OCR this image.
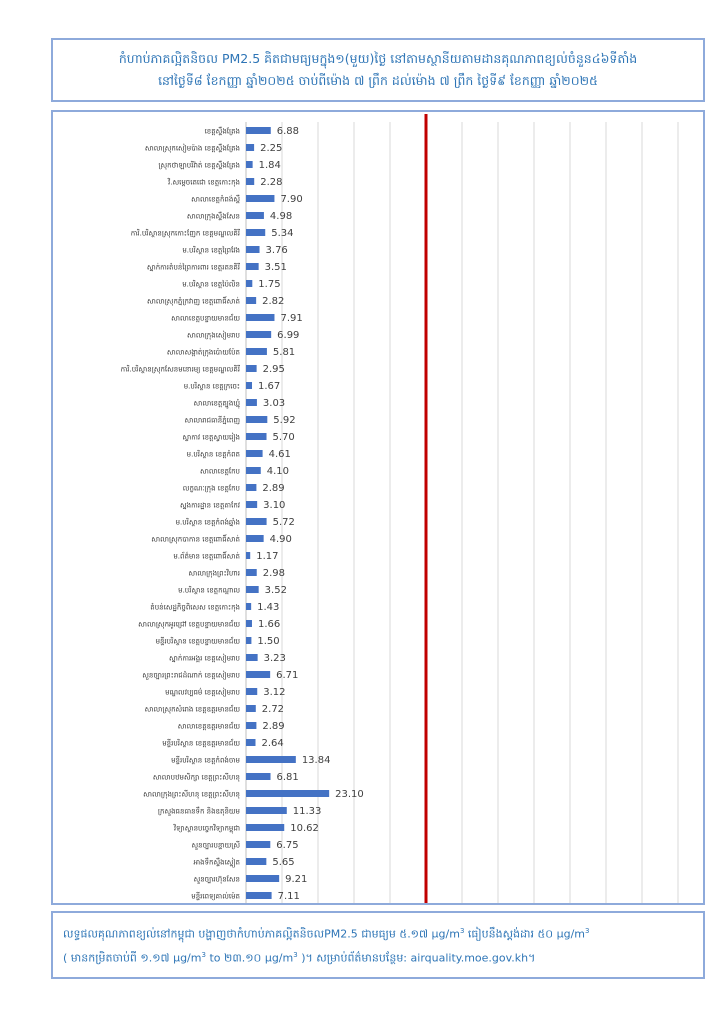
កំហាប់ភាគល្អិតនិចល PM2.5 គិតជាមធ្យមក្នុង១(មួយ)ថ្ងៃ នៅតាមស្ថានីយតាមដានគុណភាពខ្យល់ចំនួន៤៦ទីតាំង
នៅថ្ងៃទី៨ ខែកញ្ញា ឆ្នាំ២០២៥ ចាប់ពីម៉ោង ៧ ព្រឹក ដល់ម៉ោង ៧ ព្រឹក ថ្ងៃទី៩ ខែកញ្ញា ឆ្នាំ២០២៥
ខេត្តស្ទឹងត្រែង	6.88
សាលាស្រុកសៀមប៉ាង ខេត្តស្ទឹងត្រែង 2.25
ស្រុកថាឡាបរិវ៉ាត់ ខេត្តស្ទឹងត្រែង 1.84
វិ.សម្តេចតេជោ ខេត្តកោះកុង 2.28
សាលាខេត្តកំពង់ស្ពឺ	7.90
សាលាក្រុងស្ទឹងសែន	4.98
ការិ.បរិស្ថានស្រុកកោះញែក ខេត្តមណ្ឌលគិរី	5.34
ម.បរិស្ថាន ខេត្តព្រៃវែង	3.76
ស្នាក់ការតំបន់ព្រៃការពារ ខេត្តរតនគិរី 3.51
ម.បរិស្ថាន ខេត្តប៉ៃលិន 1.75
សាលាស្រុកភ្នំក្រវាញ ខេត្តពោធិ៍សាត់ 2.82
សាលាខេត្តបន្ទាយមានជ័យ	7.91
សាលាក្រុងសៀមរាប	6.99
សាលាសង្កាត់ក្រុងប៉ោយប៉ែត	5.81
ការិ.បរិស្ថានស្រុកសែនមនោរម្យ ខេត្តមណ្ឌលគិរី 2.95
ម.បរិស្ថាន ខេត្តក្រចេះ 1.67
សាលាខេត្តត្បូងឃ្មុំ 3.03
សាលារាជធានីភ្នំពេញ	5.92
ស្លាកាវ ខេត្តស្វាយរៀង	5.70
ម.បរិស្ថាន ខេត្តកំពត	4.61
សាលាខេត្តកែប	4.10
លក្ខណៈក្រុង ខេត្តកែប 2.89
ស្នងការដ្ឋាន ខេត្តតាកែវ 3.10
ម.បរិស្ថាន ខេត្តកំពង់ឆ្នាំង	5.72
សាលាស្រុកបាកាន ខេត្តពោធិ៍សាត់	4.90
ម.ព័ត៌មាន ខេត្តពោធិ៍សាត់ 1.17
សាលាក្រុងព្រះវិហារ 2.98
ម.បរិស្ថាន ខេត្តកណ្តាល 3.52
តំបន់សេដ្ឋកិច្ចពិសេស ខេត្តកោះកុង 1.43
សាលាស្រុកអូរជ្រៅ ខេត្តបន្ទាយមានជ័យ 1.66
មន្ទីរបរិស្ថាន ខេត្តបន្ទាយមានជ័យ 1.50
ស្នាក់ការអង្គរ ខេត្តសៀមរាប 3.23
សួនច្បារព្រះរាជដំណាក់ ខេត្តសៀមរាប	6.71
មណ្ឌលវប្បធម៌ ខេត្តសៀមរាប 3.12
សាលាស្រុកសំរោង ខេត្តឧត្តរមានជ័យ 2.72
សាលាខេត្តឧត្តរមានជ័យ 2.89
មន្ទីរបរិស្ថាន ខេត្តឧត្តរមានជ័យ 2.64
មន្ទីរបរិស្ថាន ខេត្តកំពង់ចាម	13.84
សាលាបឋមសិក្សា ខេត្តព្រះសីហនុ	6.81
សាលាក្រុងព្រះសីហនុ ខេត្តព្រះសីហនុ	23.10
ក្រសួងធនធានទឹក និងឧតុនិយម	11.33
វិទ្យាស្ថានបច្ចេកវិទ្យាកម្ពុជា	10.62
សួនច្បារបន្ទាយស្រី	6.75
អាងទឹកស្ទឹងស្ទៀត	5.65
សួនច្បារហ៊ុនសែន	9.21
មន្ទីរពេទ្យគាល់ម៉េត	7.11
លទ្ធផលគុណភាពខ្យល់នៅកម្ពុជា បង្ហាញថាកំហាប់ភាគល្អិតនិចលPM2.5 ជាមធ្យម ៥.១៧ $\mu g/m^3$ ធៀបនឹងស្តង់ដារ ៥០ $\mu g/m^3$
( មានកម្រិតចាប់ពី ១.១៧ $\mu g/m^3$ to ២៣.១០ $\mu g/m^3$ )។ សម្រាប់ព័ត៌មានបន្ថែម: airquality.moe.gov.kh។
